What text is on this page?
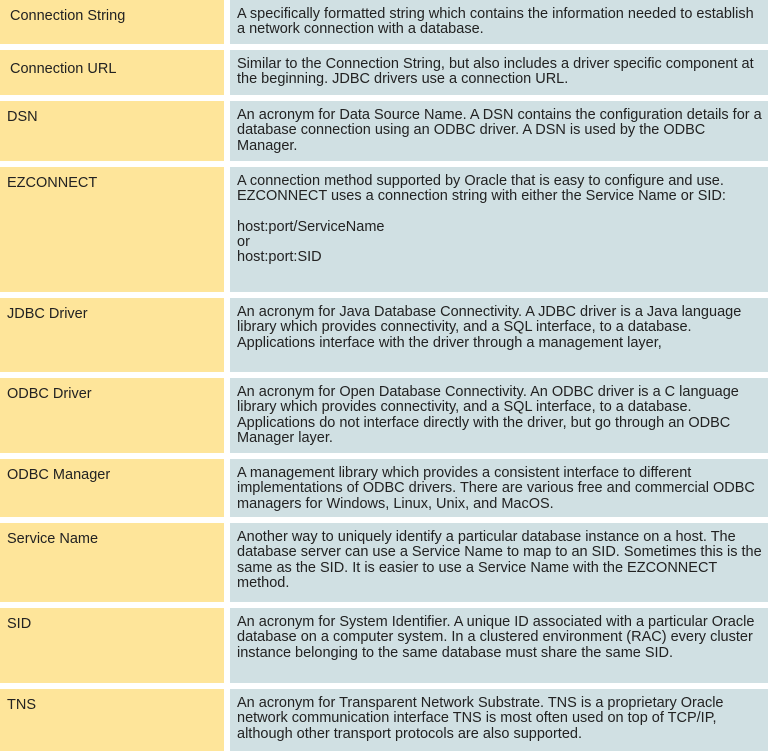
Connection String	A specifically formatted string which contains the information needed to establish a network connection with a database.

Connection URL	Similar to the Connection String, but also includes a driver specific component at the beginning. JDBC drivers use a connection URL.

DSN	An acronym for Data Source Name. A DSN contains the configuration details for a database connection using an ODBC driver. A DSN is used by the ODBC Manager.

EZCONNECT	A connection method supported by Oracle that is easy to configure and use. EZCONNECT uses a connection string with either the Service Name or SID:

host:port/ServiceName

or

host:port:SID

JDBC Driver	An acronym for Java Database Connectivity. A JDBC driver is a Java language library which provides connectivity, and a SQL interface, to a database. Applications interface with the driver through a management layer,

ODBC Driver	An acronym for Open Database Connectivity. An ODBC driver is a C language library which provides connectivity, and a SQL interface, to a database. Applications do not interface directly with the driver, but go through an ODBC Manager layer.

ODBC Manager	A management library which provides a consistent interface to different implementations of ODBC drivers. There are various free and commercial ODBC managers for Windows, Linux, Unix, and MacOS.

Service Name	Another way to uniquely identify a particular database instance on a host. The database server can use a Service Name to map to an SID. Sometimes this is the same as the SID. It is easier to use a Service Name with the EZCONNECT method.

SID	An acronym for System Identifier. A unique ID associated with a particular Oracle database on a computer system. In a clustered environment (RAC) every cluster instance belonging to the same database must share the same SID.

TNS	An acronym for Transparent Network Substrate. TNS is a proprietary Oracle network communication interface TNS is most often used on top of TCP/IP, although other transport protocols are also supported.
